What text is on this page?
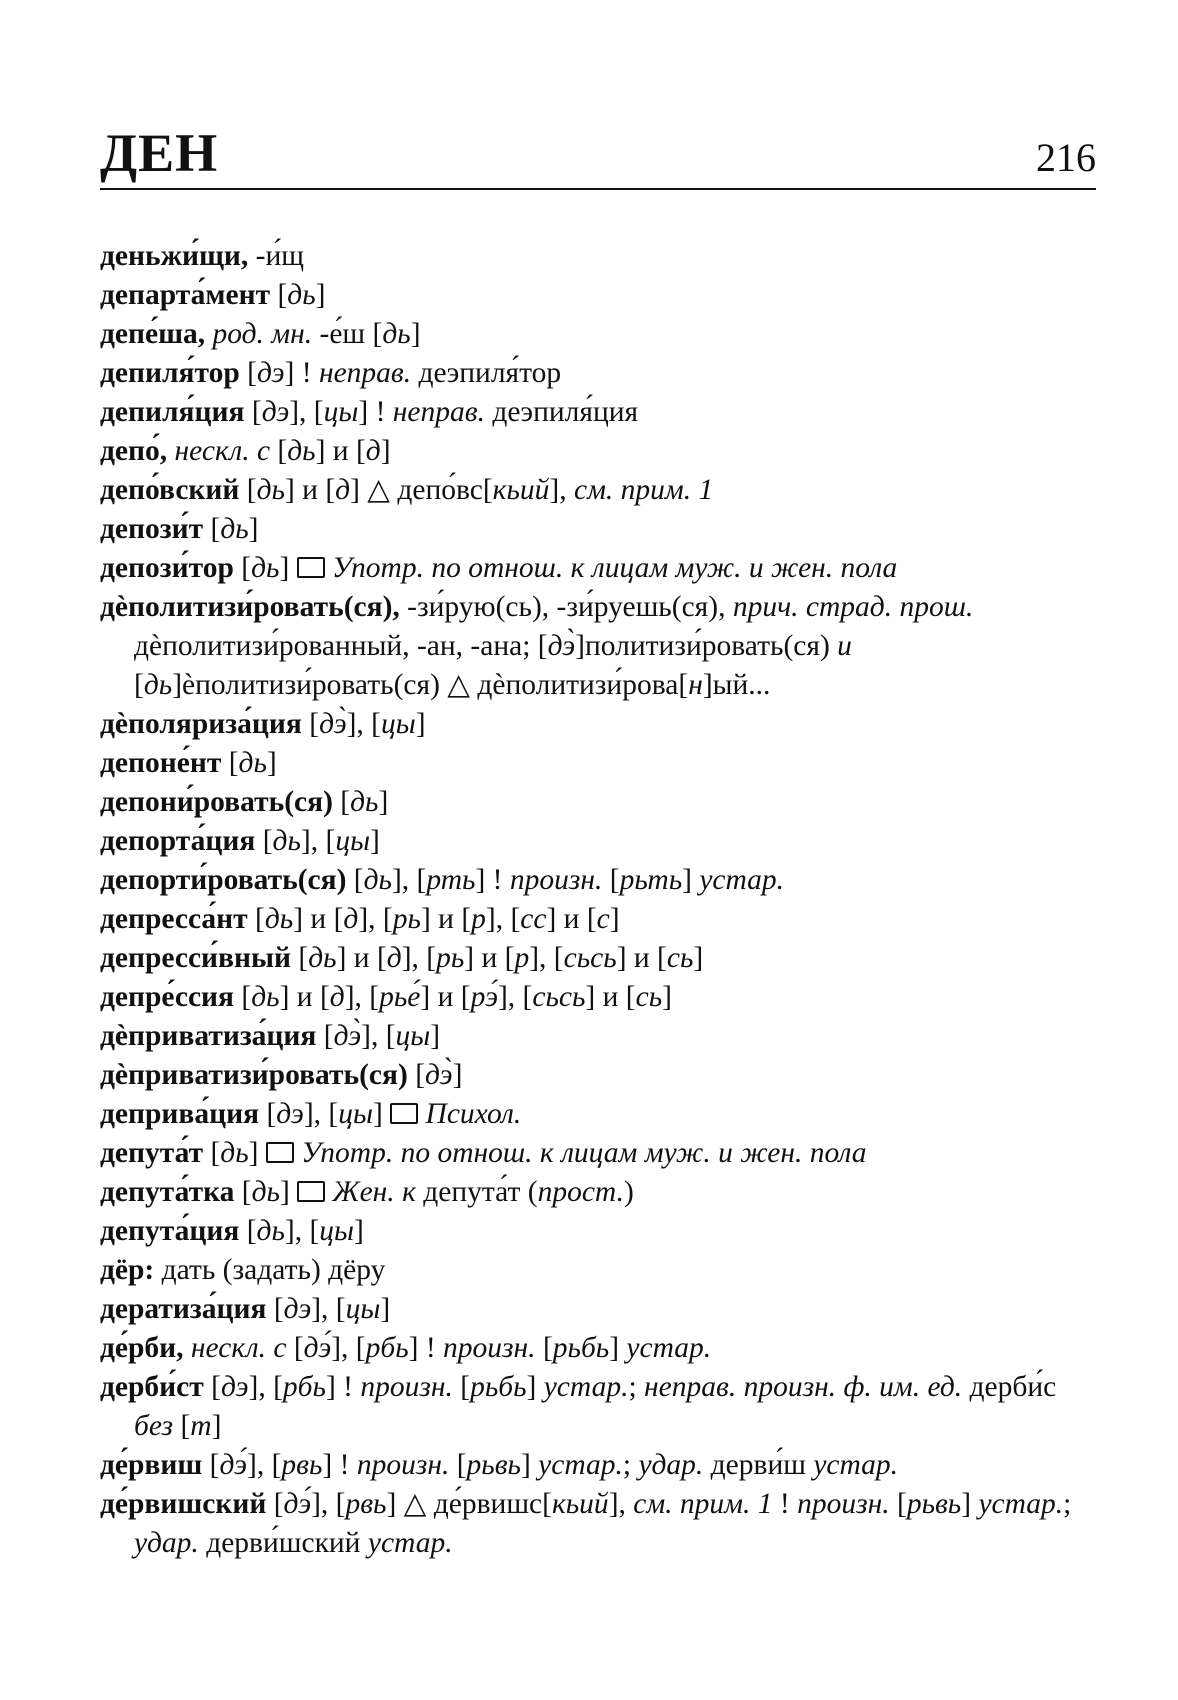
ДЕН	216

деньжи́щи, -и́щ

департа́мент [дь]

депе́ша, род. мн. -е́ш [дь]

депиля́тор [дэ] ! неправ. деэпиля́тор

депиля́ция [дэ], [цы] ! неправ. деэпиля́ция

депо́, нескл. с [дь] и [д]

депо́вский [дь] и [д] △ депо́вс[кьий], см. прим. 1

депози́т [дь]

депози́тор [дь]  Употр. по отнош. к лицам муж. и жен. пола

дѐполитизи́ровать(ся), -зи́рую(сь), -зи́руешь(ся), прич. страд. прош. дѐполитизи́рованный, -ан, -ана; [дэ̀]политизи́ровать(ся) и [дь]ѐполитизи́ровать(ся) △ дѐполитизи́рова[н]ый...

дѐполяриза́ция [дэ̀], [цы]

депоне́нт [дь]

депони́ровать(ся) [дь]

депорта́ция [дь], [цы]

депорти́ровать(ся) [дь], [рть] ! произн. [рьть] устар.

депресса́нт [дь] и [д], [рь] и [р], [сс] и [с]

депресси́вный [дь] и [д], [рь] и [р], [сьсь] и [сь]

депре́ссия [дь] и [д], [рье́] и [рэ́], [сьсь] и [сь]

дѐприватиза́ция [дэ̀], [цы]

дѐприватизи́ровать(ся) [дэ̀]

деприва́ция [дэ], [цы]  Психол.

депута́т [дь]  Употр. по отнош. к лицам муж. и жен. пола

депута́тка [дь]  Жен. к депута́т (прост.)

депута́ция [дь], [цы]

дёр: дать (задать) дёру

дератиза́ция [дэ], [цы]

де́рби, нескл. с [дэ́], [рбь] ! произн. [рьбь] устар.

дерби́ст [дэ], [рбь] ! произн. [рьбь] устар.; неправ. произн. ф. им. ед. дерби́с без [т]

де́рвиш [дэ́], [рвь] ! произн. [рьвь] устар.; удар. дерви́ш устар.

де́рвишский [дэ́], [рвь] △ де́рвишс[кьий], см. прим. 1 ! произн. [рьвь] устар.; удар. дерви́шский устар.
